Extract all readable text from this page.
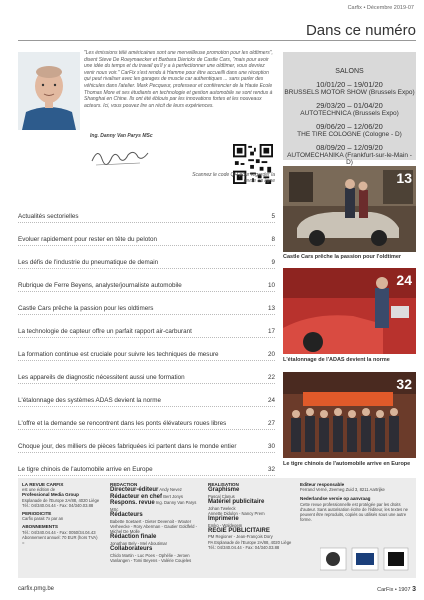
Carfix • Décembre 2019-07
Dans ce numéro
"Les émissions télé américaines sont une merveilleuse promotion pour les oldtimers", disent Steve De Roeymaecker et Barbara Dierickx de Castle Cars, "mais pour avoir une idée du temps et du travail qu'il y a à perfectionner une oldtimer, vous devriez venir nous voir." CarFix s'est rendu à Hamme pour être accueilli dans une réception qui peut rivaliser avec les garages de muscle car authentiques ... sans parler des véhicules dans l'atelier. Mark Pecqueur, professeur et conférencier de la Haute Ecole Thomas More et ses étudiants en technologie et gestion automobile se sont rendus à Shanghai en Chine. Ils ont été éblouis par les innovations fortes et les nouveaux acteurs. Ici, vous pouvez lire un récit de leurs expériences.
Ing. Danny Van Parys MSc
Scannez le code QR pour regarder la revue en ligne
SALONS
10/01/20 – 19/01/20
BRUSSELS MOTOR SHOW (Brussels Expo)
29/03/20 – 01/04/20
AUTOTECHNICA (Brussels Expo)
09/06/20 – 12/06/20
THE TIRE COLOGNE (Cologne - D)
08/09/20 – 12/09/20
AUTOMECHANIKA (Frankfurt-sur-le-Main - D)
Actualités sectorielles	5
Evoluer rapidement pour rester en tête du peloton	8
Les défis de l'industrie du pneumatique de demain	9
Rubrique de Ferre Beyens, analyste/journaliste automobile	10
Castle Cars prêche la passion pour les oldtimers	13
La technologie de capteur offre un parfait rapport air-carburant	17
La formation continue est cruciale pour suivre les techniques de mesure	20
Les appareils de diagnostic nécessitent aussi une formation	22
L'étalonnage des systèmes ADAS devient la norme	24
L'offre et la demande se rencontrent dans les ponts élévateurs roues libres	27
Choque jour, des milliers de pièces fabriquées ici partent dans le monde entier	30
Le tigre chinois de l'automobile arrive en Europe	32
13
Castle Cars prêche la passion pour l'oldtimer
24
L'étalonnage de l'ADAS devient la norme
32
Le tigre chinois de l'automobile arrive en Europe
LA REVUE CARFIX
est une édition de
Professional Media Group
Esplanade de l'Europe 2A/88, 4020 Liège
Tél.: 04/340.04.44 - Fax: 04/340.03.88
PERIODICITE
Carfix parait 7x par an
ABONNEMENTS
Tél.: 04/340.04.44 - Fax: 0050/34.04.43
Abonnement annuel: 70 EUR (hors TVA) =
REDACTION
Directeur-éditeur Andy Nevez
Rédacteur en chef Bert Jonys
Respons. revue Ing. Danny Van Parys MSc
Rédacteurs
Babette Soetaert - Dieter Devenoit - Wouter Verheecke - Rory Aberman - Gautier Goldfeld - Michel De Molle
Rédaction finale
Jonathan Bely - Mel Aboutimar
Collaborateurs
Chido Martin - Luc Poes - Ophélie - Jeroen Vanlangen - Tomi Beyens - Valérie Coujeles
REALISATION
Graphisme
Pascal Clanus
Matériel publicitaire
Johan Tweleck
Annette Didulon - Nancy Prem
Imprimerie
Emko - Waldegem
REGIE PUBLICITAIRE
PM Regioner - Jean-François Dory
PA Esplanade de l'Europe 2A/88, 4020 Liège
Tél.: 04/340.04.44 - Fax: 04/340.03.88
Editeur responsable
Ferrand Verné, Zeemeg Zuid 3, 8211 Aartrijke
Nederlandse versie op aanvraag
Cette revue professionnelle est protégée par les droits d'auteur. Sans autorisation écrite de l'éditeur, les textes ne peuvent être reproduits, copiés ou utilisés sous une autre forme.
carfix.pmg.be	CarFix • 1907 3
